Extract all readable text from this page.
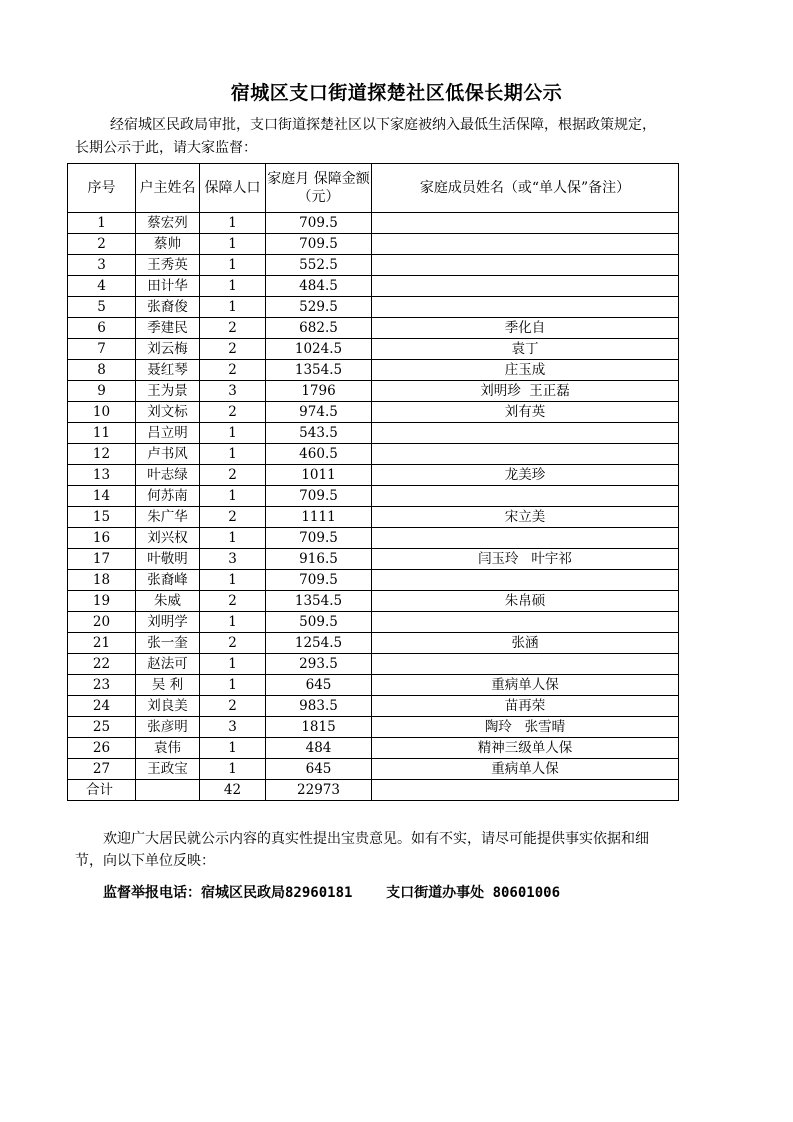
宿城区支口街道探楚社区低保长期公示
经宿城区民政局审批，支口街道探楚社区以下家庭被纳入最低生活保障，根据政策规定，长期公示于此，请大家监督：
序号	户主姓名	保障人口	家庭月 保障金额（元）	家庭成员姓名（或“单人保”备注）
1	蔡宏列	1	709.5	
2	蔡帅	1	709.5	
3	王秀英	1	552.5	
4	田计华	1	484.5	
5	张裔俊	1	529.5	
6	季建民	2	682.5	季化自
7	刘云梅	2	1024.5	袁丁
8	聂红琴	2	1354.5	庄玉成
9	王为景	3	1796	刘明珍  王正磊
10	刘文标	2	974.5	刘有英
11	吕立明	1	543.5	
12	卢书风	1	460.5	
13	叶志绿	2	1011	龙美珍
14	何苏南	1	709.5	
15	朱广华	2	1111	宋立美
16	刘兴权	1	709.5	
17	叶敬明	3	916.5	闫玉玲   叶宇祁
18	张裔峰	1	709.5	
19	朱威	2	1354.5	朱帛硕
20	刘明学	1	509.5	
21	张一奎	2	1254.5	张涵
22	赵法可	1	293.5	
23	吴 利	1	645	重病单人保
24	刘良美	2	983.5	苗再荣
25	张彦明	3	1815	陶玲   张雪晴
26	袁伟	1	484	精神三级单人保
27	王政宝	1	645	重病单人保
合计		42	22973	
欢迎广大居民就公示内容的真实性提出宝贵意见。如有不实，请尽可能提供事实依据和细节，向以下单位反映：
监督举报电话：宿城区民政局82960181    支口街道办事处 80601006
